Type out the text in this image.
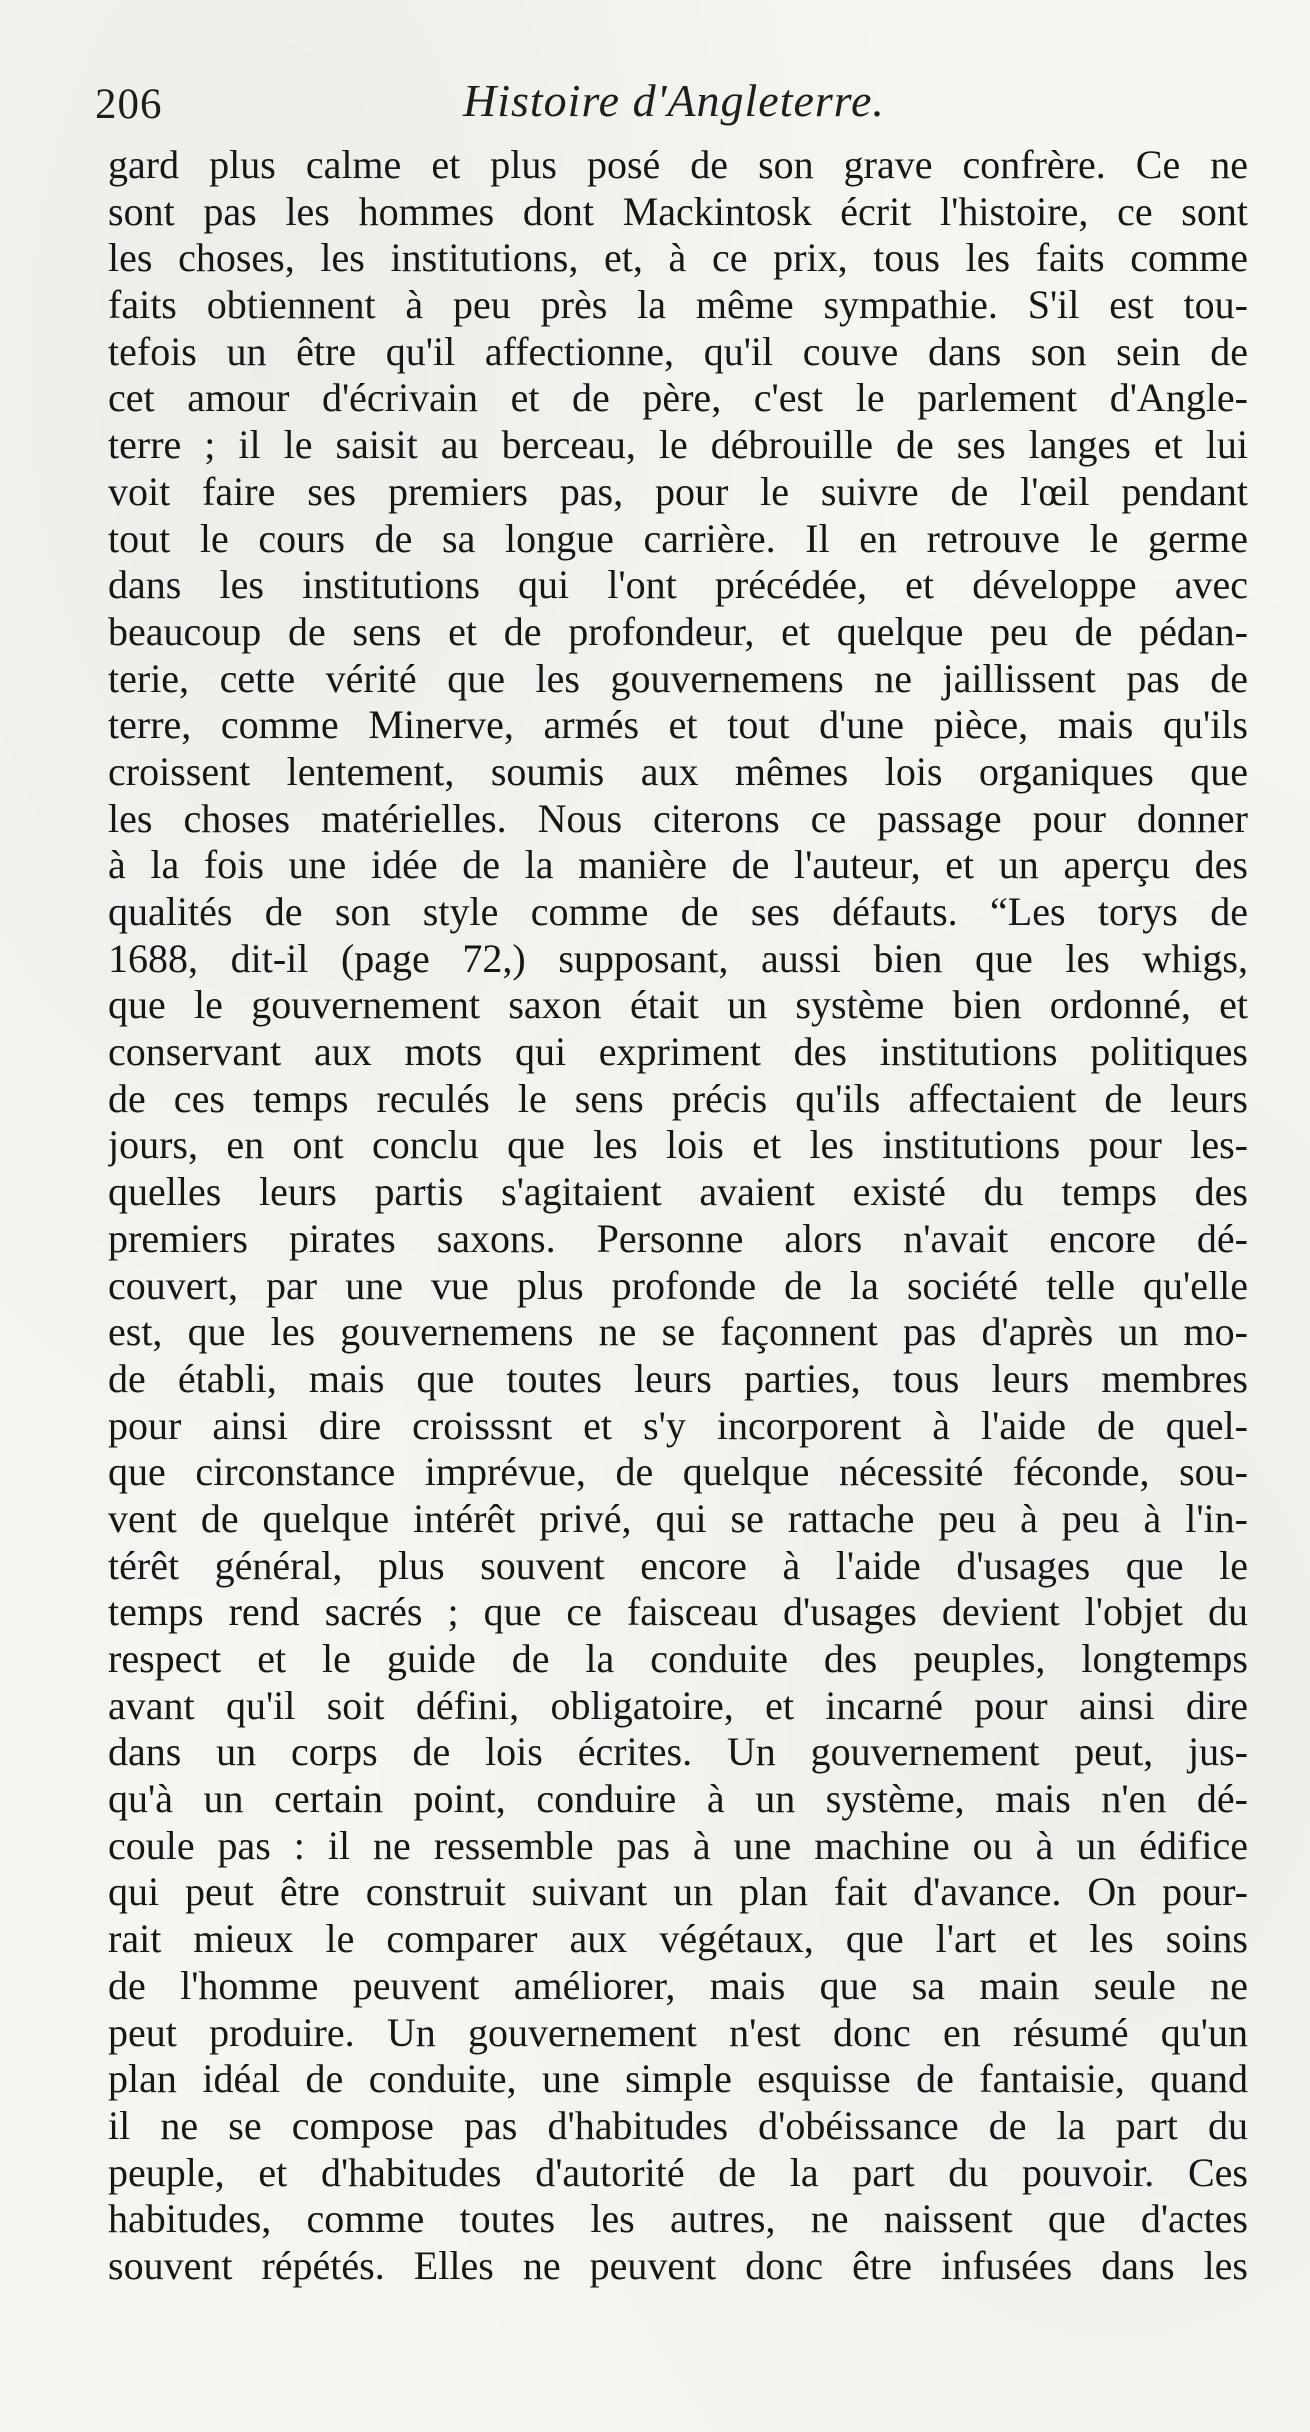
206	Histoire d'Angleterre.
gard plus calme et plus posé de son grave confrère. Ce ne
sont pas les hommes dont Mackintosk écrit l'histoire, ce sont
les choses, les institutions, et, à ce prix, tous les faits comme
faits obtiennent à peu près la même sympathie. S'il est tou-
tefois un être qu'il affectionne, qu'il couve dans son sein de
cet amour d'écrivain et de père, c'est le parlement d'Angle-
terre ; il le saisit au berceau, le débrouille de ses langes et lui
voit faire ses premiers pas, pour le suivre de l'œil pendant
tout le cours de sa longue carrière. Il en retrouve le germe
dans les institutions qui l'ont précédée, et développe avec
beaucoup de sens et de profondeur, et quelque peu de pédan-
terie, cette vérité que les gouvernemens ne jaillissent pas de
terre, comme Minerve, armés et tout d'une pièce, mais qu'ils
croissent lentement, soumis aux mêmes lois organiques que
les choses matérielles. Nous citerons ce passage pour donner
à la fois une idée de la manière de l'auteur, et un aperçu des
qualités de son style comme de ses défauts. “Les torys de
1688, dit-il (page 72,) supposant, aussi bien que les whigs,
que le gouvernement saxon était un système bien ordonné, et
conservant aux mots qui expriment des institutions politiques
de ces temps reculés le sens précis qu'ils affectaient de leurs
jours, en ont conclu que les lois et les institutions pour les-
quelles leurs partis s'agitaient avaient existé du temps des
premiers pirates saxons. Personne alors n'avait encore dé-
couvert, par une vue plus profonde de la société telle qu'elle
est, que les gouvernemens ne se façonnent pas d'après un mo-
de établi, mais que toutes leurs parties, tous leurs membres
pour ainsi dire croisssnt et s'y incorporent à l'aide de quel-
que circonstance imprévue, de quelque nécessité féconde, sou-
vent de quelque intérêt privé, qui se rattache peu à peu à l'in-
térêt général, plus souvent encore à l'aide d'usages que le
temps rend sacrés ; que ce faisceau d'usages devient l'objet du
respect et le guide de la conduite des peuples, longtemps
avant qu'il soit défini, obligatoire, et incarné pour ainsi dire
dans un corps de lois écrites. Un gouvernement peut, jus-
qu'à un certain point, conduire à un système, mais n'en dé-
coule pas : il ne ressemble pas à une machine ou à un édifice
qui peut être construit suivant un plan fait d'avance. On pour-
rait mieux le comparer aux végétaux, que l'art et les soins
de l'homme peuvent améliorer, mais que sa main seule ne
peut produire. Un gouvernement n'est donc en résumé qu'un
plan idéal de conduite, une simple esquisse de fantaisie, quand
il ne se compose pas d'habitudes d'obéissance de la part du
peuple, et d'habitudes d'autorité de la part du pouvoir. Ces
habitudes, comme toutes les autres, ne naissent que d'actes
souvent répétés. Elles ne peuvent donc être infusées dans les
